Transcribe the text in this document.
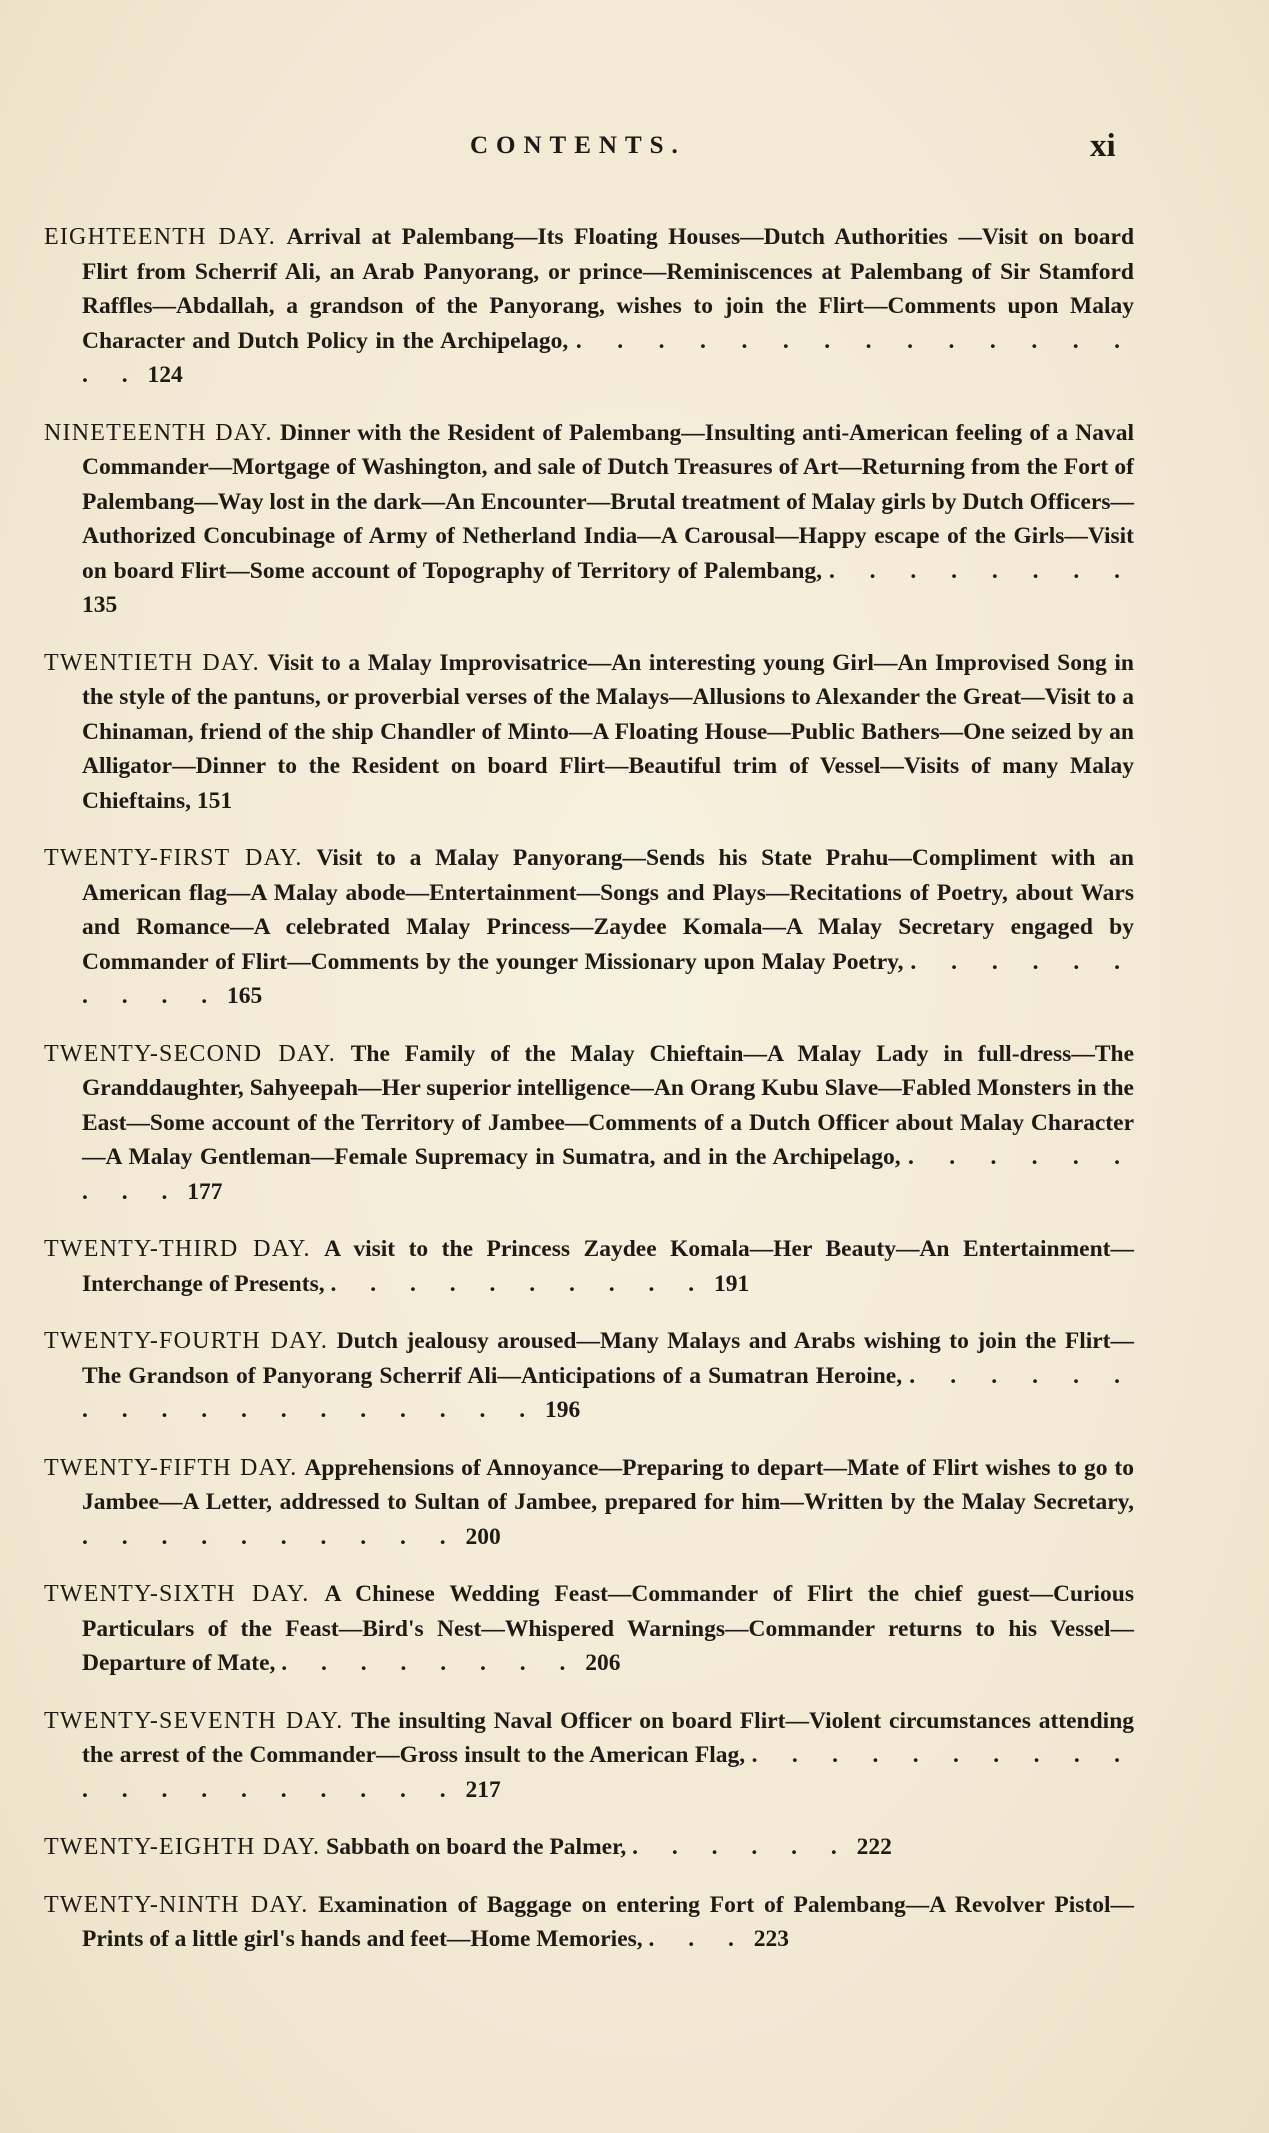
CONTENTS.	xi
EIGHTEENTH DAY. Arrival at Palembang—Its Floating Houses—Dutch Authorities —Visit on board Flirt from Scherrif Ali, an Arab Panyorang, or prince—Reminiscences at Palembang of Sir Stamford Raffles—Abdallah, a grandson of the Panyorang, wishes to join the Flirt—Comments upon Malay Character and Dutch Policy in the Archipelago, . . . . . . . . . . . . . . . . 124
NINETEENTH DAY. Dinner with the Resident of Palembang—Insulting anti-American feeling of a Naval Commander—Mortgage of Washington, and sale of Dutch Treasures of Art—Returning from the Fort of Palembang—Way lost in the dark—An Encounter—Brutal treatment of Malay girls by Dutch Officers—Authorized Concubinage of Army of Netherland India—A Carousal—Happy escape of the Girls—Visit on board Flirt—Some account of Topography of Territory of Palembang, . . . . . . . . 135
TWENTIETH DAY. Visit to a Malay Improvisatrice—An interesting young Girl—An Improvised Song in the style of the pantuns, or proverbial verses of the Malays—Allusions to Alexander the Great—Visit to a Chinaman, friend of the ship Chandler of Minto—A Floating House—Public Bathers—One seized by an Alligator—Dinner to the Resident on board Flirt—Beautiful trim of Vessel—Visits of many Malay Chieftains, 151
TWENTY-FIRST DAY. Visit to a Malay Panyorang—Sends his State Prahu—Compliment with an American flag—A Malay abode—Entertainment—Songs and Plays—Recitations of Poetry, about Wars and Romance—A celebrated Malay Princess—Zaydee Komala—A Malay Secretary engaged by Commander of Flirt—Comments by the younger Missionary upon Malay Poetry, . . . . . . . . . . 165
TWENTY-SECOND DAY. The Family of the Malay Chieftain—A Malay Lady in full-dress—The Granddaughter, Sahyeepah—Her superior intelligence—An Orang Kubu Slave—Fabled Monsters in the East—Some account of the Territory of Jambee—Comments of a Dutch Officer about Malay Character—A Malay Gentleman—Female Supremacy in Sumatra, and in the Archipelago, . . . . . . . . . 177
TWENTY-THIRD DAY. A visit to the Princess Zaydee Komala—Her Beauty—An Entertainment—Interchange of Presents, . . . . . . . . . . 191
TWENTY-FOURTH DAY. Dutch jealousy aroused—Many Malays and Arabs wishing to join the Flirt—The Grandson of Panyorang Scherrif Ali—Anticipations of a Sumatran Heroine, . . . . . . . . . . . . . . . . . . 196
TWENTY-FIFTH DAY. Apprehensions of Annoyance—Preparing to depart—Mate of Flirt wishes to go to Jambee—A Letter, addressed to Sultan of Jambee, prepared for him—Written by the Malay Secretary, . . . . . . . . . . 200
TWENTY-SIXTH DAY. A Chinese Wedding Feast—Commander of Flirt the chief guest—Curious Particulars of the Feast—Bird's Nest—Whispered Warnings—Commander returns to his Vessel—Departure of Mate, . . . . . . . . 206
TWENTY-SEVENTH DAY. The insulting Naval Officer on board Flirt—Violent circumstances attending the arrest of the Commander—Gross insult to the American Flag, . . . . . . . . . . . . . . . . . . . . 217
TWENTY-EIGHTH DAY. Sabbath on board the Palmer, . . . . . . 222
TWENTY-NINTH DAY. Examination of Baggage on entering Fort of Palembang—A Revolver Pistol—Prints of a little girl's hands and feet—Home Memories, . . . 223
